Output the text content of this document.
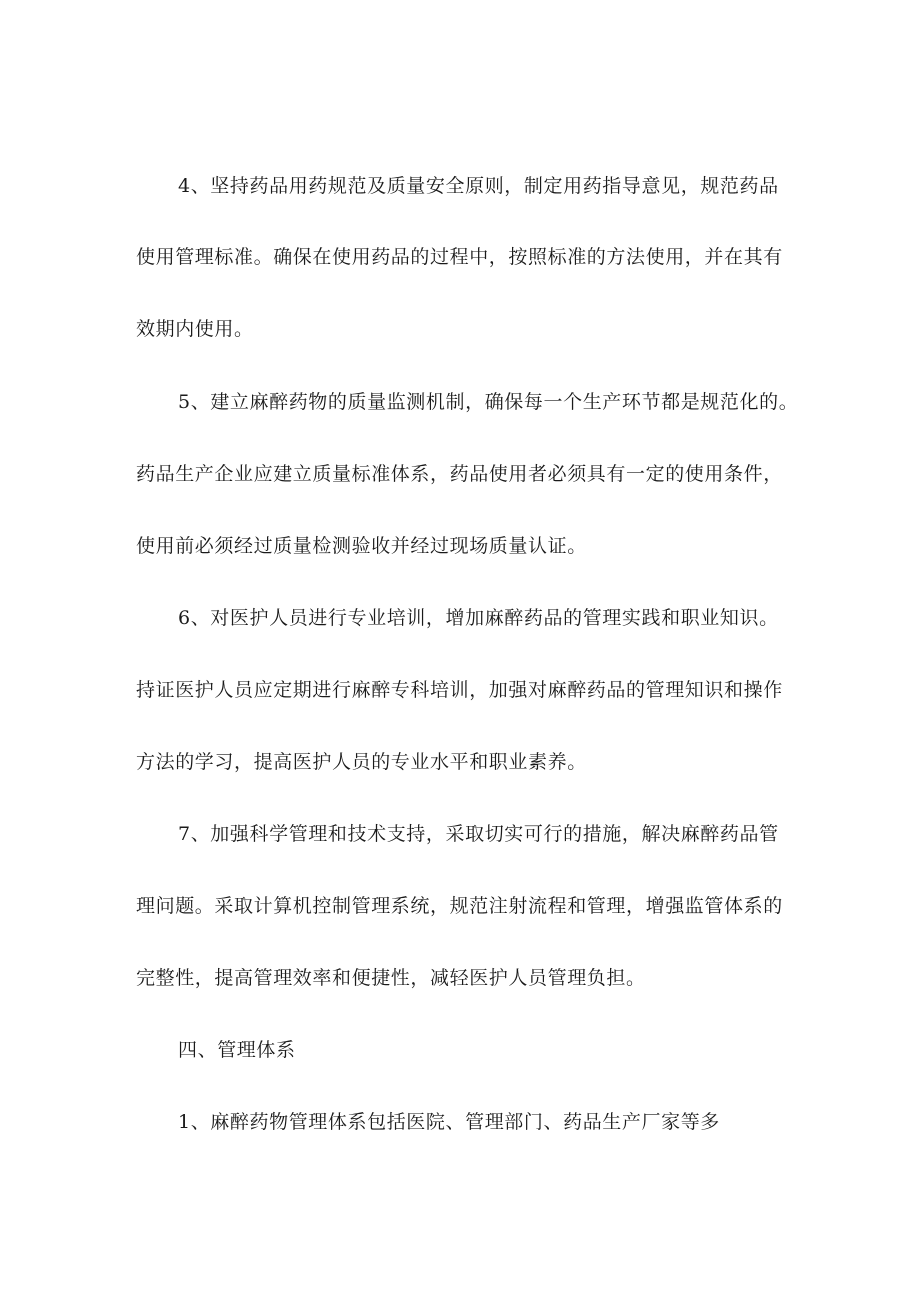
4、坚持药品用药规范及质量安全原则，制定用药指导意见，规范药品
使用管理标准。确保在使用药品的过程中，按照标准的方法使用，并在其有
效期内使用。
5、建立麻醉药物的质量监测机制，确保每一个生产环节都是规范化的。
药品生产企业应建立质量标准体系，药品使用者必须具有一定的使用条件，
使用前必须经过质量检测验收并经过现场质量认证。
6、对医护人员进行专业培训，增加麻醉药品的管理实践和职业知识。
持证医护人员应定期进行麻醉专科培训，加强对麻醉药品的管理知识和操作
方法的学习，提高医护人员的专业水平和职业素养。
7、加强科学管理和技术支持，采取切实可行的措施，解决麻醉药品管
理问题。采取计算机控制管理系统，规范注射流程和管理，增强监管体系的
完整性，提高管理效率和便捷性，减轻医护人员管理负担。
四、管理体系
1、麻醉药物管理体系包括医院、管理部门、药品生产厂家等多
